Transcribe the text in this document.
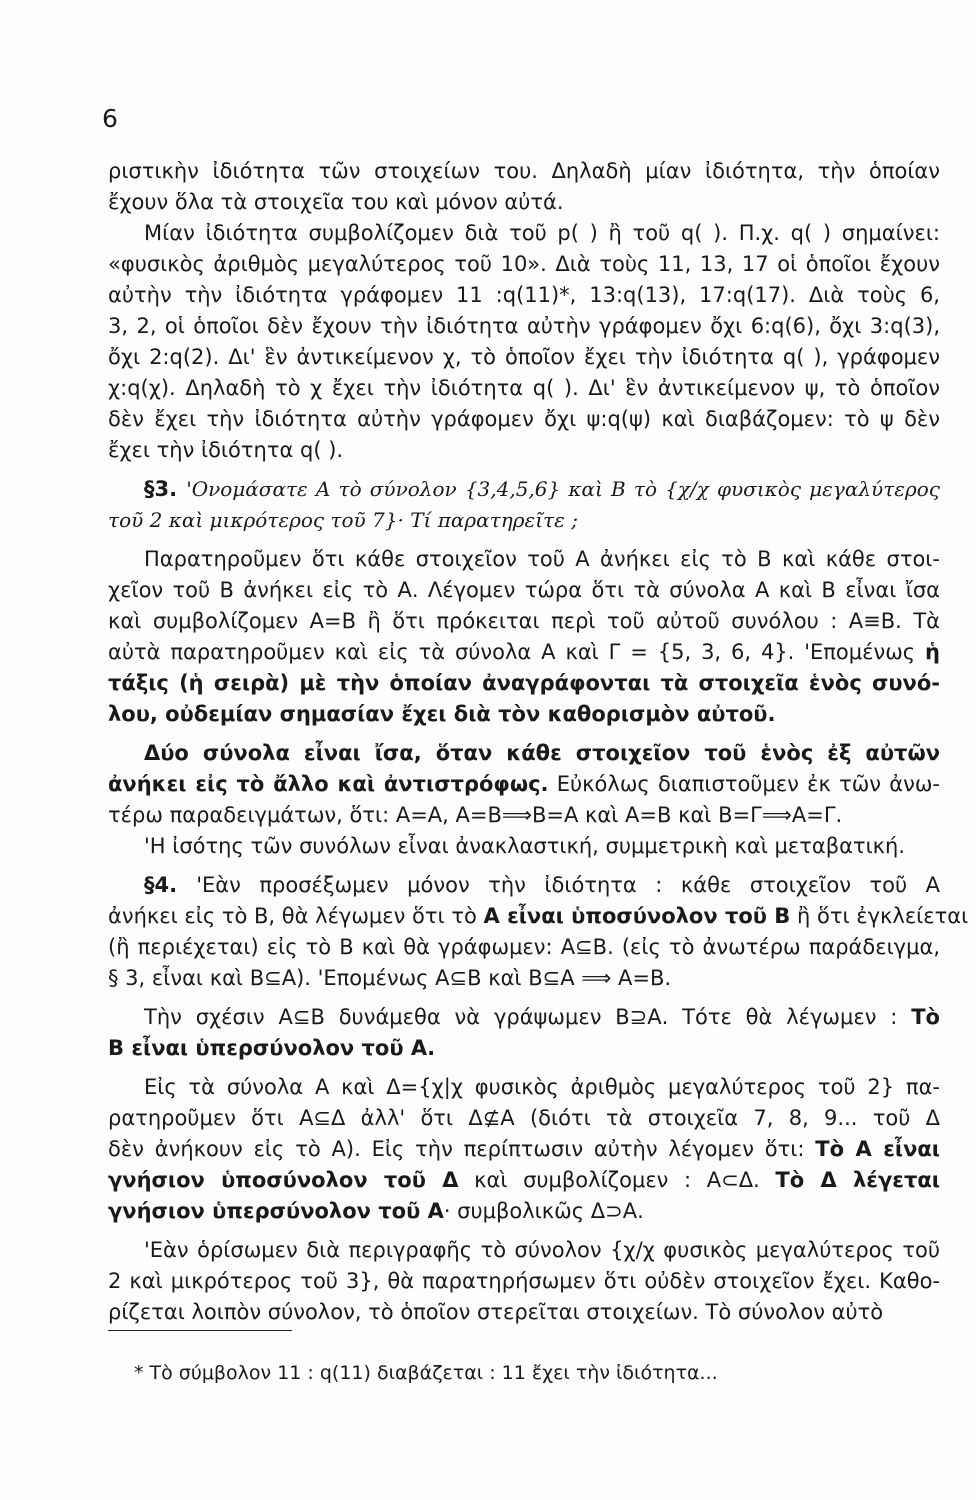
6
ριστικὴν ἰδιότητα τῶν στοιχείων του. Δηλαδὴ μίαν ἰδιότητα, τὴν ὁποίαν
ἔχουν ὅλα τὰ στοιχεῖα του καὶ μόνον αὐτά.
Μίαν ἰδιότητα συμβολίζομεν διὰ τοῦ p( ) ἢ τοῦ q( ). Π.χ. q( ) σημαίνει:
«φυσικὸς ἀριθμὸς μεγαλύτερος τοῦ 10». Διὰ τοὺς 11, 13, 17 οἱ ὁποῖοι ἔχουν
αὐτὴν τὴν ἰδιότητα γράφομεν 11 :q(11)*, 13:q(13), 17:q(17). Διὰ τοὺς 6,
3, 2, οἱ ὁποῖοι δὲν ἔχουν τὴν ἰδιότητα αὐτὴν γράφομεν ὄχι 6:q(6), ὄχι 3:q(3),
ὄχι 2:q(2). Δι' ἓν ἀντικείμενον χ, τὸ ὁποῖον ἔχει τὴν ἰδιότητα q( ), γράφομεν
χ:q(χ). Δηλαδὴ τὸ χ ἔχει τὴν ἰδιότητα q( ). Δι' ἓν ἀντικείμενον ψ, τὸ ὁποῖον
δὲν ἔχει τὴν ἰδιότητα αὐτὴν γράφομεν ὄχι ψ:q(ψ) καὶ διαβάζομεν: τὸ ψ δὲν
ἔχει τὴν ἰδιότητα q( ).
§3. 'Ονομάσατε Α τὸ σύνολον {3,4,5,6} καὶ Β τὸ {χ/χ φυσικὸς μεγαλύτερος
τοῦ 2 καὶ μικρότερος τοῦ 7}· Τί παρατηρεῖτε ;
Παρατηροῦμεν ὅτι κάθε στοιχεῖον τοῦ Α ἀνήκει εἰς τὸ Β καὶ κάθε στοι-
χεῖον τοῦ Β ἀνήκει εἰς τὸ Α. Λέγομεν τώρα ὅτι τὰ σύνολα Α καὶ Β εἶναι ἴσα
καὶ συμβολίζομεν Α=Β ἢ ὅτι πρόκειται περὶ τοῦ αὐτοῦ συνόλου : Α≡Β. Τὰ
αὐτὰ παρατηροῦμεν καὶ εἰς τὰ σύνολα Α καὶ Γ = {5, 3, 6, 4}. 'Επομένως ἡ
τάξις (ἡ σειρὰ) μὲ τὴν ὁποίαν ἀναγράφονται τὰ στοιχεῖα ἑνὸς συνό-
λου, οὐδεμίαν σημασίαν ἔχει διὰ τὸν καθορισμὸν αὐτοῦ.
Δύο σύνολα εἶναι ἴσα, ὅταν κάθε στοιχεῖον τοῦ ἑνὸς ἐξ αὐτῶν
ἀνήκει εἰς τὸ ἄλλο καὶ ἀντιστρόφως. Εὐκόλως διαπιστοῦμεν ἐκ τῶν ἀνω-
τέρω παραδειγμάτων, ὅτι: Α=Α, Α=Β⟹Β=Α καὶ Α=Β καὶ Β=Γ⟹Α=Γ.
'Η ἰσότης τῶν συνόλων εἶναι ἀνακλαστική, συμμετρικὴ καὶ μεταβατική.
§4. 'Εὰν προσέξωμεν μόνον τὴν ἰδιότητα : κάθε στοιχεῖον τοῦ Α
ἀνήκει εἰς τὸ Β, θὰ λέγωμεν ὅτι τὸ Α εἶναι ὑποσύνολον τοῦ Β ἢ ὅτι ἐγκλείεται
(ἢ περιέχεται) εἰς τὸ Β καὶ θὰ γράφωμεν: Α⊆Β. (εἰς τὸ ἀνωτέρω παράδειγμα,
§ 3, εἶναι καὶ Β⊆Α). 'Επομένως Α⊆Β καὶ Β⊆Α ⟹ Α=Β.
Τὴν σχέσιν Α⊆Β δυνάμεθα νὰ γράψωμεν Β⊇Α. Τότε θὰ λέγωμεν : Τὸ
Β εἶναι ὑπερσύνολον τοῦ Α.
Εἰς τὰ σύνολα Α καὶ Δ={χ|χ φυσικὸς ἀριθμὸς μεγαλύτερος τοῦ 2} πα-
ρατηροῦμεν ὅτι Α⊆Δ ἀλλ' ὅτι Δ⊈Α (διότι τὰ στοιχεῖα 7, 8, 9... τοῦ Δ
δὲν ἀνήκουν εἰς τὸ Α). Εἰς τὴν περίπτωσιν αὐτὴν λέγομεν ὅτι: Τὸ Α εἶναι
γνήσιον ὑποσύνολον τοῦ Δ καὶ συμβολίζομεν : Α⊂Δ. Τὸ Δ λέγεται
γνήσιον ὑπερσύνολον τοῦ Α· συμβολικῶς Δ⊃Α.
'Εὰν ὁρίσωμεν διὰ περιγραφῆς τὸ σύνολον {χ/χ φυσικὸς μεγαλύτερος τοῦ
2 καὶ μικρότερος τοῦ 3}, θὰ παρατηρήσωμεν ὅτι οὐδὲν στοιχεῖον ἔχει. Καθο-
ρίζεται λοιπὸν σύνολον, τὸ ὁποῖον στερεῖται στοιχείων. Τὸ σύνολον αὐτὸ
* Τὸ σύμβολον 11 : q(11) διαβάζεται : 11 ἔχει τὴν ἰδιότητα...
